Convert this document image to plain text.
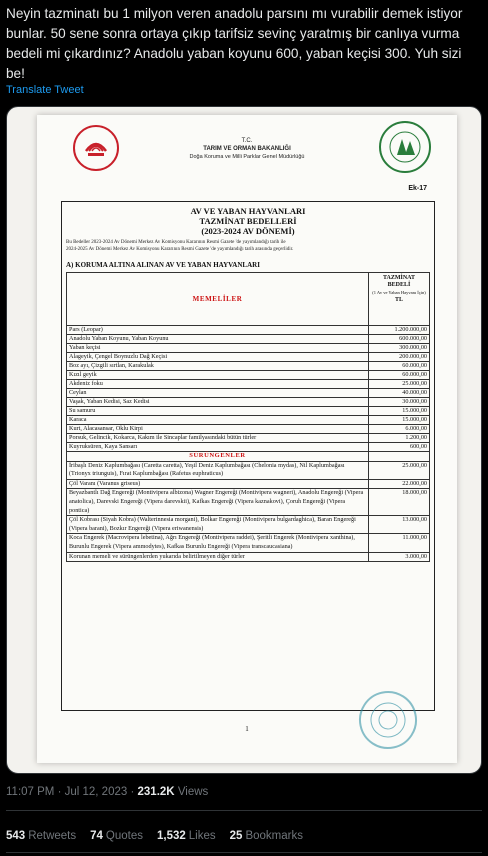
Neyin tazminatı bu 1 milyon veren anadolu parsını mı vurabilir demek istiyor bunlar. 50 sene sonra ortaya çıkıp tarifsiz sevinç yaratmış bir canlıya vurma bedeli mi çıkardınız? Anadolu yaban koyunu 600, yaban keçisi 300. Yuh sizi be!
Translate Tweet
T.C.
TARIM VE ORMAN BAKANLIĞI
Doğa Koruma ve Milli Parklar Genel Müdürlüğü
Ek-17
AV VE YABAN HAYVANLARI
TAZMİNAT BEDELLERİ
(2023-2024 AV DÖNEMİ)
Bu Bedeller 2023-2024 Av Dönemi Merkez Av Komisyonu Kararının Resmi Gazete 'de yayımlandığı tarih ile
2024-2025 Av Dönemi Merkez Av Komisyonu Kararının Resmi Gazete 'de yayımlandığı tarih arasında geçerlidir.
A) KORUMA ALTINA ALINAN AV VE YABAN HAYVANLARI
MEMELİLER	TAZMİNAT
BEDELİ
(1 Av ve Yaban Hayvanı İçin)
TL

Pars (Leopar)	1.200.000,00
Anadolu Yaban Koyunu, Yaban Koyunu	600.000,00
Yaban keçisi	300.000,00
Alageyik, Çengel Boynuzlu Dağ Keçisi	200.000,00
Boz ayı, Çizgili sırtlan, Karakulak	60.000,00
Kızıl geyik	60.000,00
Akdeniz foku	25.000,00
Ceylan	40.000,00
Vaşak, Yaban Kedisi, Saz Kedisi	30.000,00
Su samuru	15.000,00
Karaca	15.000,00
Kurt, Alacasansar, Oklu Kirpi	6.000,00
Porsuk, Gelincik, Kokarca, Kakım ile Sincaplar familyasındaki bütün türler	1.200,00
Kuyruksüren, Kaya Sansarı	600,00
SÜRÜNGENLER	
İribaşlı Deniz Kaplumbağası (Caretta caretta), Yeşil Deniz Kaplumbağası (Chelonia mydas), Nil Kaplumbağası (Trionyx triunguis), Fırat Kaplumbağası (Rafetus euphraticus)	25.000,00
Çöl Varanı (Varanus griseus)	22.000,00
Beyazbantlı Dağ Engereği (Montivipera albizona) Wagner Engereği (Montivipera wagneri), Anadolu Engereği (Vipera anatolica), Darevski Engereği (Vipera darevskii), Kafkas Engereği (Vipera kaznakovi), Çoruh Engereği (Vipera pontica)	18.000,00
Çöl Kobrası (Siyah Kobra) (Walterinnesia morgani), Bolkar Engereği (Montivipera bulgardaghica), Baran Engereği (Vipera barani), Bozkır Engereği (Vipera eriwanensis)	13.000,00
Koca Engerek (Macrovipera lebetina), Ağrı Engereği (Montivipera raddei), Şeritli Engerek (Montivipera xanthina), Burunlu Engerek (Vipera ammodytes), Kafkas Burunlu Engereği (Vipera transcaucasiana)	11.000,00
Korunan memeli ve sürüngenlerden yukarıda belirtilmeyen diğer türler	3.000,00
1
11:07 PM · Jul 12, 2023 · 231.2K Views
543 Retweets 74 Quotes 1,532 Likes 25 Bookmarks
